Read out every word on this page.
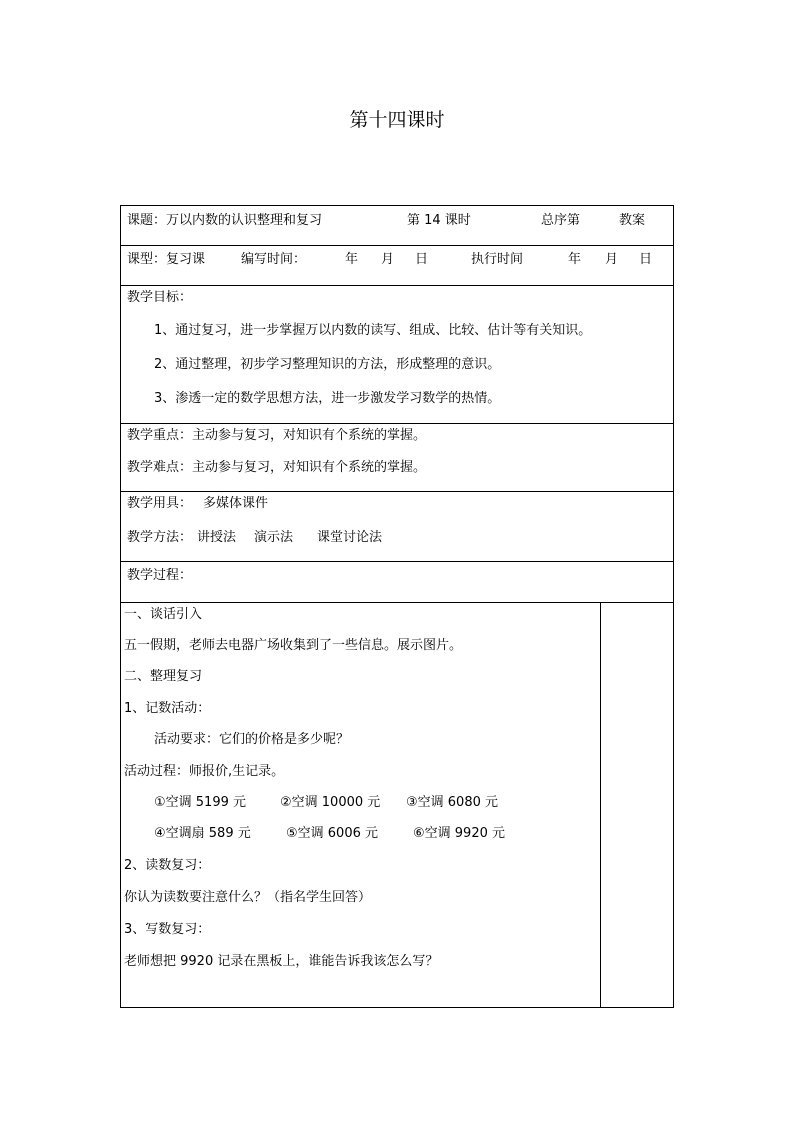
第十四课时
课题：万以内数的认识整理和复习	第 14 课时	总序第	教案
课型：复习课	编写时间：	年 月 日	执行时间	年 月 日
教学目标：
1、通过复习，进一步掌握万以内数的读写、组成、比较、估计等有关知识。
2、通过整理，初步学习整理知识的方法，形成整理的意识。
3、渗透一定的数学思想方法，进一步激发学习数学的热情。
教学重点：主动参与复习，对知识有个系统的掌握。
教学难点：主动参与复习，对知识有个系统的掌握。
教学用具： 多媒体课件
教学方法： 讲授法 演示法 课堂讨论法
教学过程：
一、谈话引入
五一假期，老师去电器广场收集到了一些信息。展示图片。
二、整理复习
1、记数活动：
活动要求：它们的价格是多少呢？
活动过程：师报价,生记录。
①空调 5199 元	②空调 10000 元 ③空调 6080 元
④空调扇 589 元	⑤空调 6006 元	⑥空调 9920 元
2、读数复习：
你认为读数要注意什么？（指名学生回答）
3、写数复习：
老师想把 9920 记录在黑板上，谁能告诉我该怎么写？
